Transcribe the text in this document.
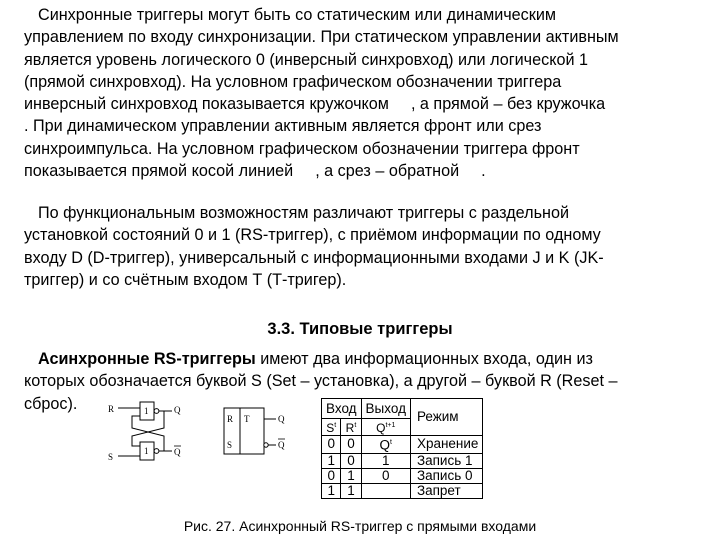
Синхронные триггеры могут быть со статическим или динамическим
управлением по входу синхронизации. При статическом управлении активным
является уровень логического 0 (инверсный синхровход) или логической 1
(прямой синхровход). На условном графическом обозначении триггера
инверсный синхровход показывается кружочком , а прямой – без кружочка
. При динамическом управлении активным является фронт или срез
синхроимпульса. На условном графическом обозначении триггера фронт
показывается прямой косой линией , а срез – обратной .
По функциональным возможностям различают триггеры с раздельной
установкой состояний 0 и 1 (RS-триггер), с приёмом информации по одному
входу D (D-триггер), универсальный с информационными входами J и K (JK-
триггер) и со счётным входом Т (Т-тригер).
3.3. Типовые триггеры
Асинхронные RS-триггеры имеют два информационных входа, один из
которых обозначается буквой S (Set – установка), а другой – буквой R (Reset –
сброс).	R
S
Q
Q
1
1
R T
S
Q
Q
Вход		Выход	Режим
$S^t$	$R^t$	$Q^{t+1}$
0	0	$Q^t$	Хранение
1	0	1	Запись 1
0	1	0	Запись 0
1	1		Запрет
Рис. 27. Асинхронный RS-триггер с прямыми входами
